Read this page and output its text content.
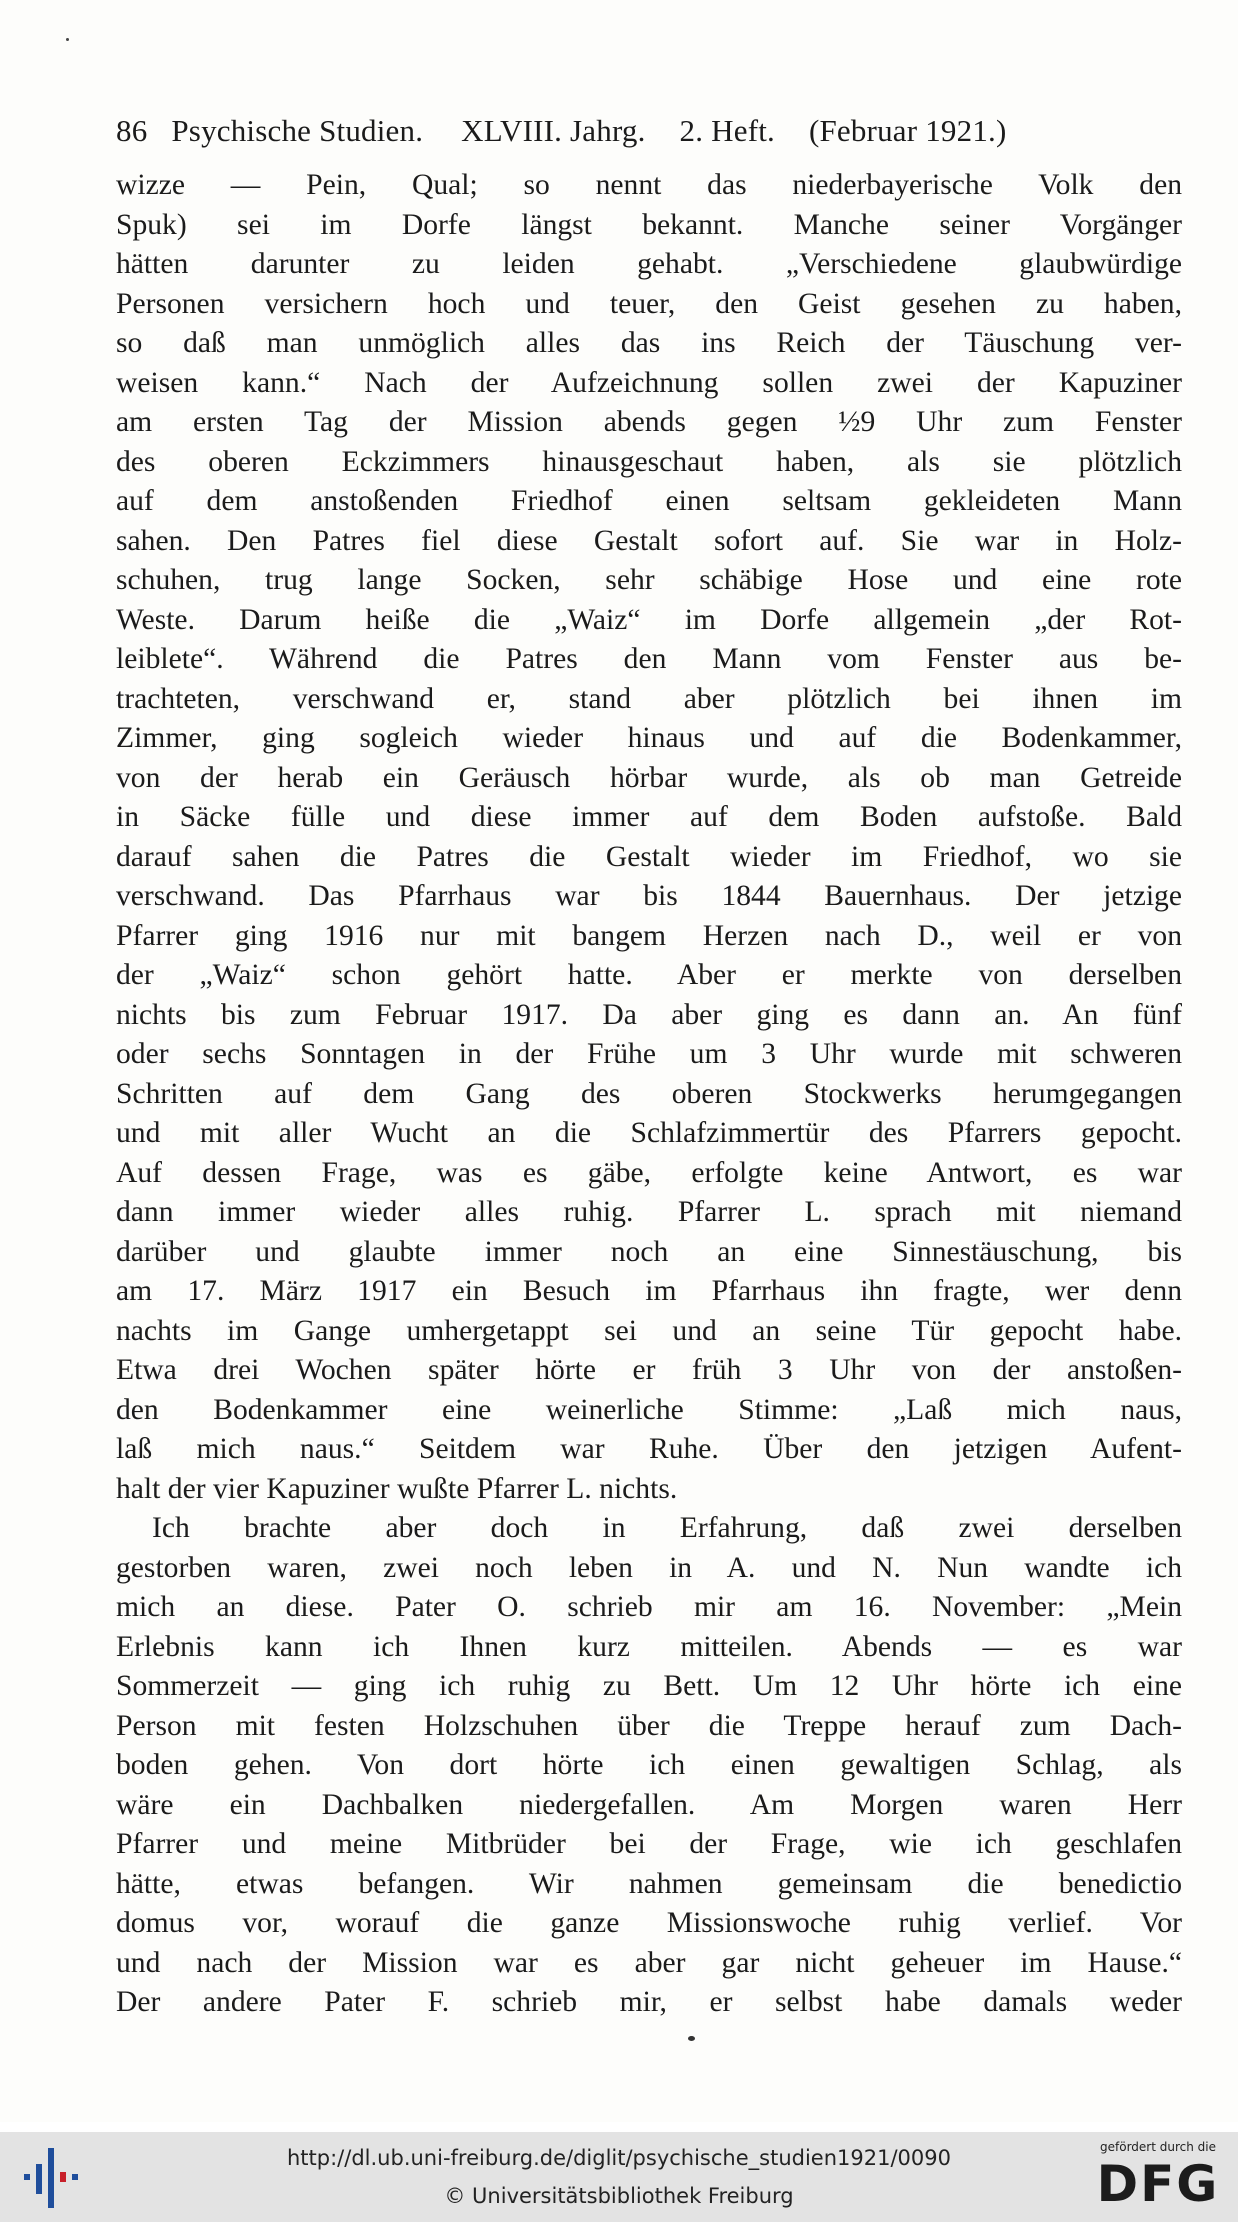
86 Psychische Studien. XLVIII. Jahrg. 2. Heft. (Februar 1921.)
wizze — Pein, Qual; so nennt das niederbayerische Volk den
Spuk) sei im Dorfe längst bekannt. Manche seiner Vorgänger
hätten darunter zu leiden gehabt. „Verschiedene glaubwürdige
Personen versichern hoch und teuer, den Geist gesehen zu haben,
so daß man unmöglich alles das ins Reich der Täuschung ver-
weisen kann.“ Nach der Aufzeichnung sollen zwei der Kapuziner
am ersten Tag der Mission abends gegen ½9 Uhr zum Fenster
des oberen Eckzimmers hinausgeschaut haben, als sie plötzlich
auf dem anstoßenden Friedhof einen seltsam gekleideten Mann
sahen. Den Patres fiel diese Gestalt sofort auf. Sie war in Holz-
schuhen, trug lange Socken, sehr schäbige Hose und eine rote
Weste. Darum heiße die „Waiz“ im Dorfe allgemein „der Rot-
leiblete“. Während die Patres den Mann vom Fenster aus be-
trachteten, verschwand er, stand aber plötzlich bei ihnen im
Zimmer, ging sogleich wieder hinaus und auf die Bodenkammer,
von der herab ein Geräusch hörbar wurde, als ob man Getreide
in Säcke fülle und diese immer auf dem Boden aufstoße. Bald
darauf sahen die Patres die Gestalt wieder im Friedhof, wo sie
verschwand. Das Pfarrhaus war bis 1844 Bauernhaus. Der jetzige
Pfarrer ging 1916 nur mit bangem Herzen nach D., weil er von
der „Waiz“ schon gehört hatte. Aber er merkte von derselben
nichts bis zum Februar 1917. Da aber ging es dann an. An fünf
oder sechs Sonntagen in der Frühe um 3 Uhr wurde mit schweren
Schritten auf dem Gang des oberen Stockwerks herumgegangen
und mit aller Wucht an die Schlafzimmertür des Pfarrers gepocht.
Auf dessen Frage, was es gäbe, erfolgte keine Antwort, es war
dann immer wieder alles ruhig. Pfarrer L. sprach mit niemand
darüber und glaubte immer noch an eine Sinnestäuschung, bis
am 17. März 1917 ein Besuch im Pfarrhaus ihn fragte, wer denn
nachts im Gange umhergetappt sei und an seine Tür gepocht habe.
Etwa drei Wochen später hörte er früh 3 Uhr von der anstoßen-
den Bodenkammer eine weinerliche Stimme: „Laß mich naus,
laß mich naus.“ Seitdem war Ruhe. Über den jetzigen Aufent-
halt der vier Kapuziner wußte Pfarrer L. nichts.
Ich brachte aber doch in Erfahrung, daß zwei derselben
gestorben waren, zwei noch leben in A. und N. Nun wandte ich
mich an diese. Pater O. schrieb mir am 16. November: „Mein
Erlebnis kann ich Ihnen kurz mitteilen. Abends — es war
Sommerzeit — ging ich ruhig zu Bett. Um 12 Uhr hörte ich eine
Person mit festen Holzschuhen über die Treppe herauf zum Dach-
boden gehen. Von dort hörte ich einen gewaltigen Schlag, als
wäre ein Dachbalken niedergefallen. Am Morgen waren Herr
Pfarrer und meine Mitbrüder bei der Frage, wie ich geschlafen
hätte, etwas befangen. Wir nahmen gemeinsam die benedictio
domus vor, worauf die ganze Missionswoche ruhig verlief. Vor
und nach der Mission war es aber gar nicht geheuer im Hause.“
Der andere Pater F. schrieb mir, er selbst habe damals weder
http://dl.ub.uni-freiburg.de/diglit/psychische_studien1921/0090
© Universitätsbibliothek Freiburg
gefördert durch die
DFG
